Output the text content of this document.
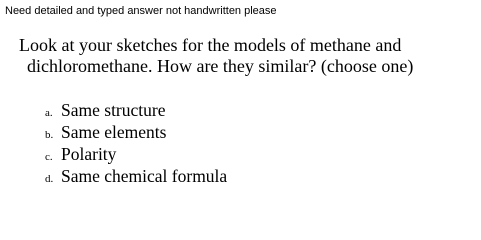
Need detailed and typed answer not handwritten please
Look at your sketches for the models of methane and
dichloromethane. How are they similar? (choose one)
a. Same structure
b. Same elements
c. Polarity
d. Same chemical formula
